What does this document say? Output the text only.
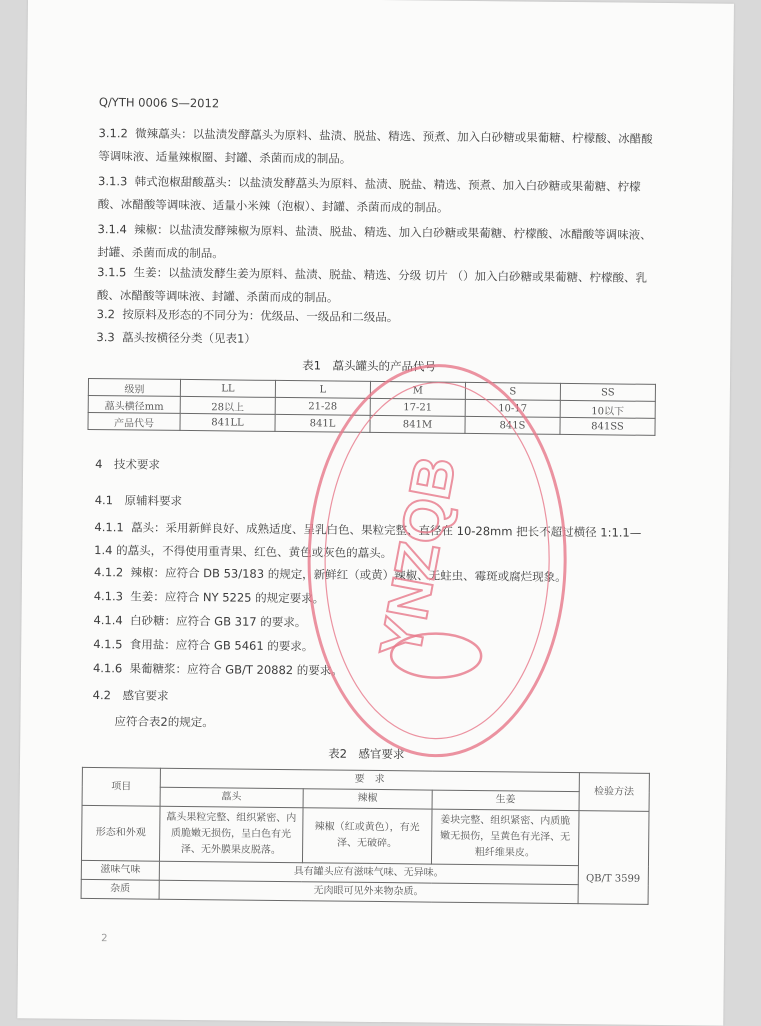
Q/YTH 0006 S—2012
3.1.2 微辣藠头：以盐渍发酵藠头为原料、盐渍、脱盐、精选、预煮、加入白砂糖或果葡糖、柠檬酸、冰醋酸等调味液、适量辣椒圈、封罐、杀菌而成的制品。
3.1.3 韩式泡椒甜酸藠头：以盐渍发酵藠头为原料、盐渍、脱盐、精选、预煮、加入白砂糖或果葡糖、柠檬酸、冰醋酸等调味液、适量小米辣（泡椒）、封罐、杀菌而成的制品。
3.1.4 辣椒：以盐渍发酵辣椒为原料、盐渍、脱盐、精选、加入白砂糖或果葡糖、柠檬酸、冰醋酸等调味液、封罐、杀菌而成的制品。
3.1.5 生姜：以盐渍发酵生姜为原料、盐渍、脱盐、精选、分级 切片 （）加入白砂糖或果葡糖、柠檬酸、乳酸、冰醋酸等调味液、封罐、杀菌而成的制品。
3.2 按原料及形态的不同分为：优级品、一级品和二级品。
3.3 藠头按横径分类（见表1）
表1　藠头罐头的产品代号
级别	LL	L	M	S	SS
藠头横径mm	28以上	21-28	17-21	10-17	10以下
产品代号	841LL	841L	841M	841S	841SS
4　技术要求
4.1　原辅料要求
4.1.1 藠头：采用新鲜良好、成熟适度、呈乳白色、果粒完整、直径在 10-28mm 把长不超过横径 1:1.1—1.4 的藠头，不得使用重青果、红色、黄色或灰色的藠头。
4.1.2 辣椒：应符合 DB 53/183 的规定，新鲜红（或黄）辣椒、无蛀虫、霉斑或腐烂现象。
4.1.3 生姜：应符合 NY 5225 的规定要求。
4.1.4 白砂糖：应符合 GB 317 的要求。
4.1.5 食用盐：应符合 GB 5461 的要求。
4.1.6 果葡糖浆：应符合 GB/T 20882 的要求。
4.2　感官要求
应符合表2的规定。
表2　感官要求
项目	要　求			检验方法
	藠头	辣椒	生姜	
形态和外观	藠头果粒完整、组织紧密、内质脆嫩无损伤，呈白色有光泽、无外膜果皮脱落。	辣椒（红或黄色），有光泽、无破碎。	姜块完整、组织紧密、内质脆嫩无损伤，呈黄色有光泽、无粗纤维果皮。	QB/T 3599
滋味气味	具有罐头应有滋味气味、无异味。			
杂质	无肉眼可见外来物杂质。			
YNZQB
2
